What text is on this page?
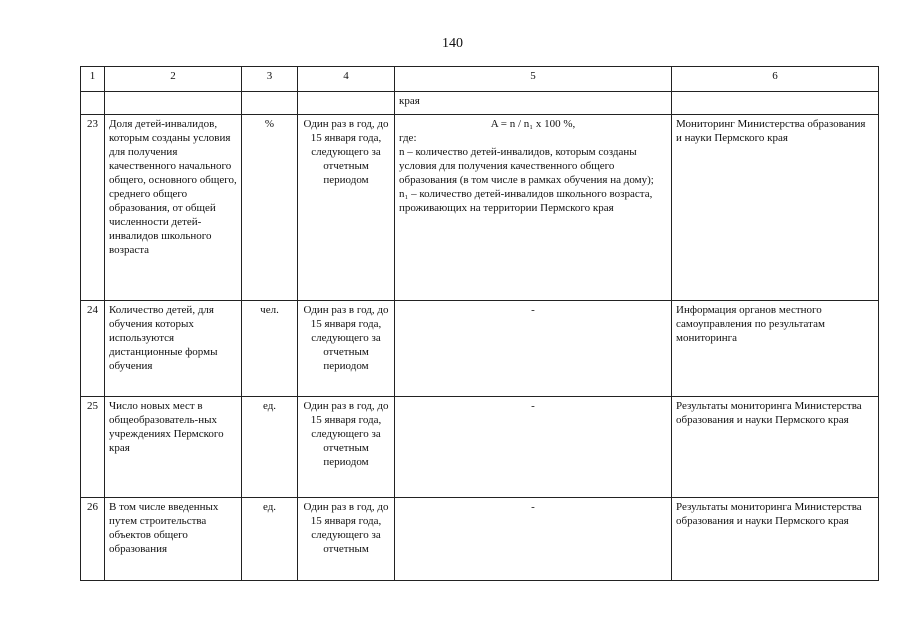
140
1	2	3	4	5	6
				края	
23	Доля детей-инвалидов, которым созданы условия для получения качественного начального общего, основного общего, среднего общего образования, от общей численности детей-инвалидов школьного возраста	%	Один раз в год, до 15 января года, следующего за отчетным периодом	A = n / n₁ x 100 %,
где:
n – количество детей-инвалидов, которым созданы условия для получения качественного общего образования (в том числе в рамках обучения на дому);
n₁ – количество детей-инвалидов школьного возраста, проживающих на территории Пермского края	Мониторинг Министерства образования и науки Пермского края
24	Количество детей, для обучения которых используются дистанционные формы обучения	чел.	Один раз в год, до 15 января года, следующего за отчетным периодом	-	Информация органов местного самоуправления по результатам мониторинга
25	Число новых мест в общеобразователь-ных учреждениях Пермского края	ед.	Один раз в год, до 15 января года, следующего за отчетным периодом	-	Результаты мониторинга Министерства образования и науки Пермского края
26	В том числе введенных путем строительства объектов общего образования	ед.	Один раз в год, до 15 января года, следующего за отчетным	-	Результаты мониторинга Министерства образования и науки Пермского края
